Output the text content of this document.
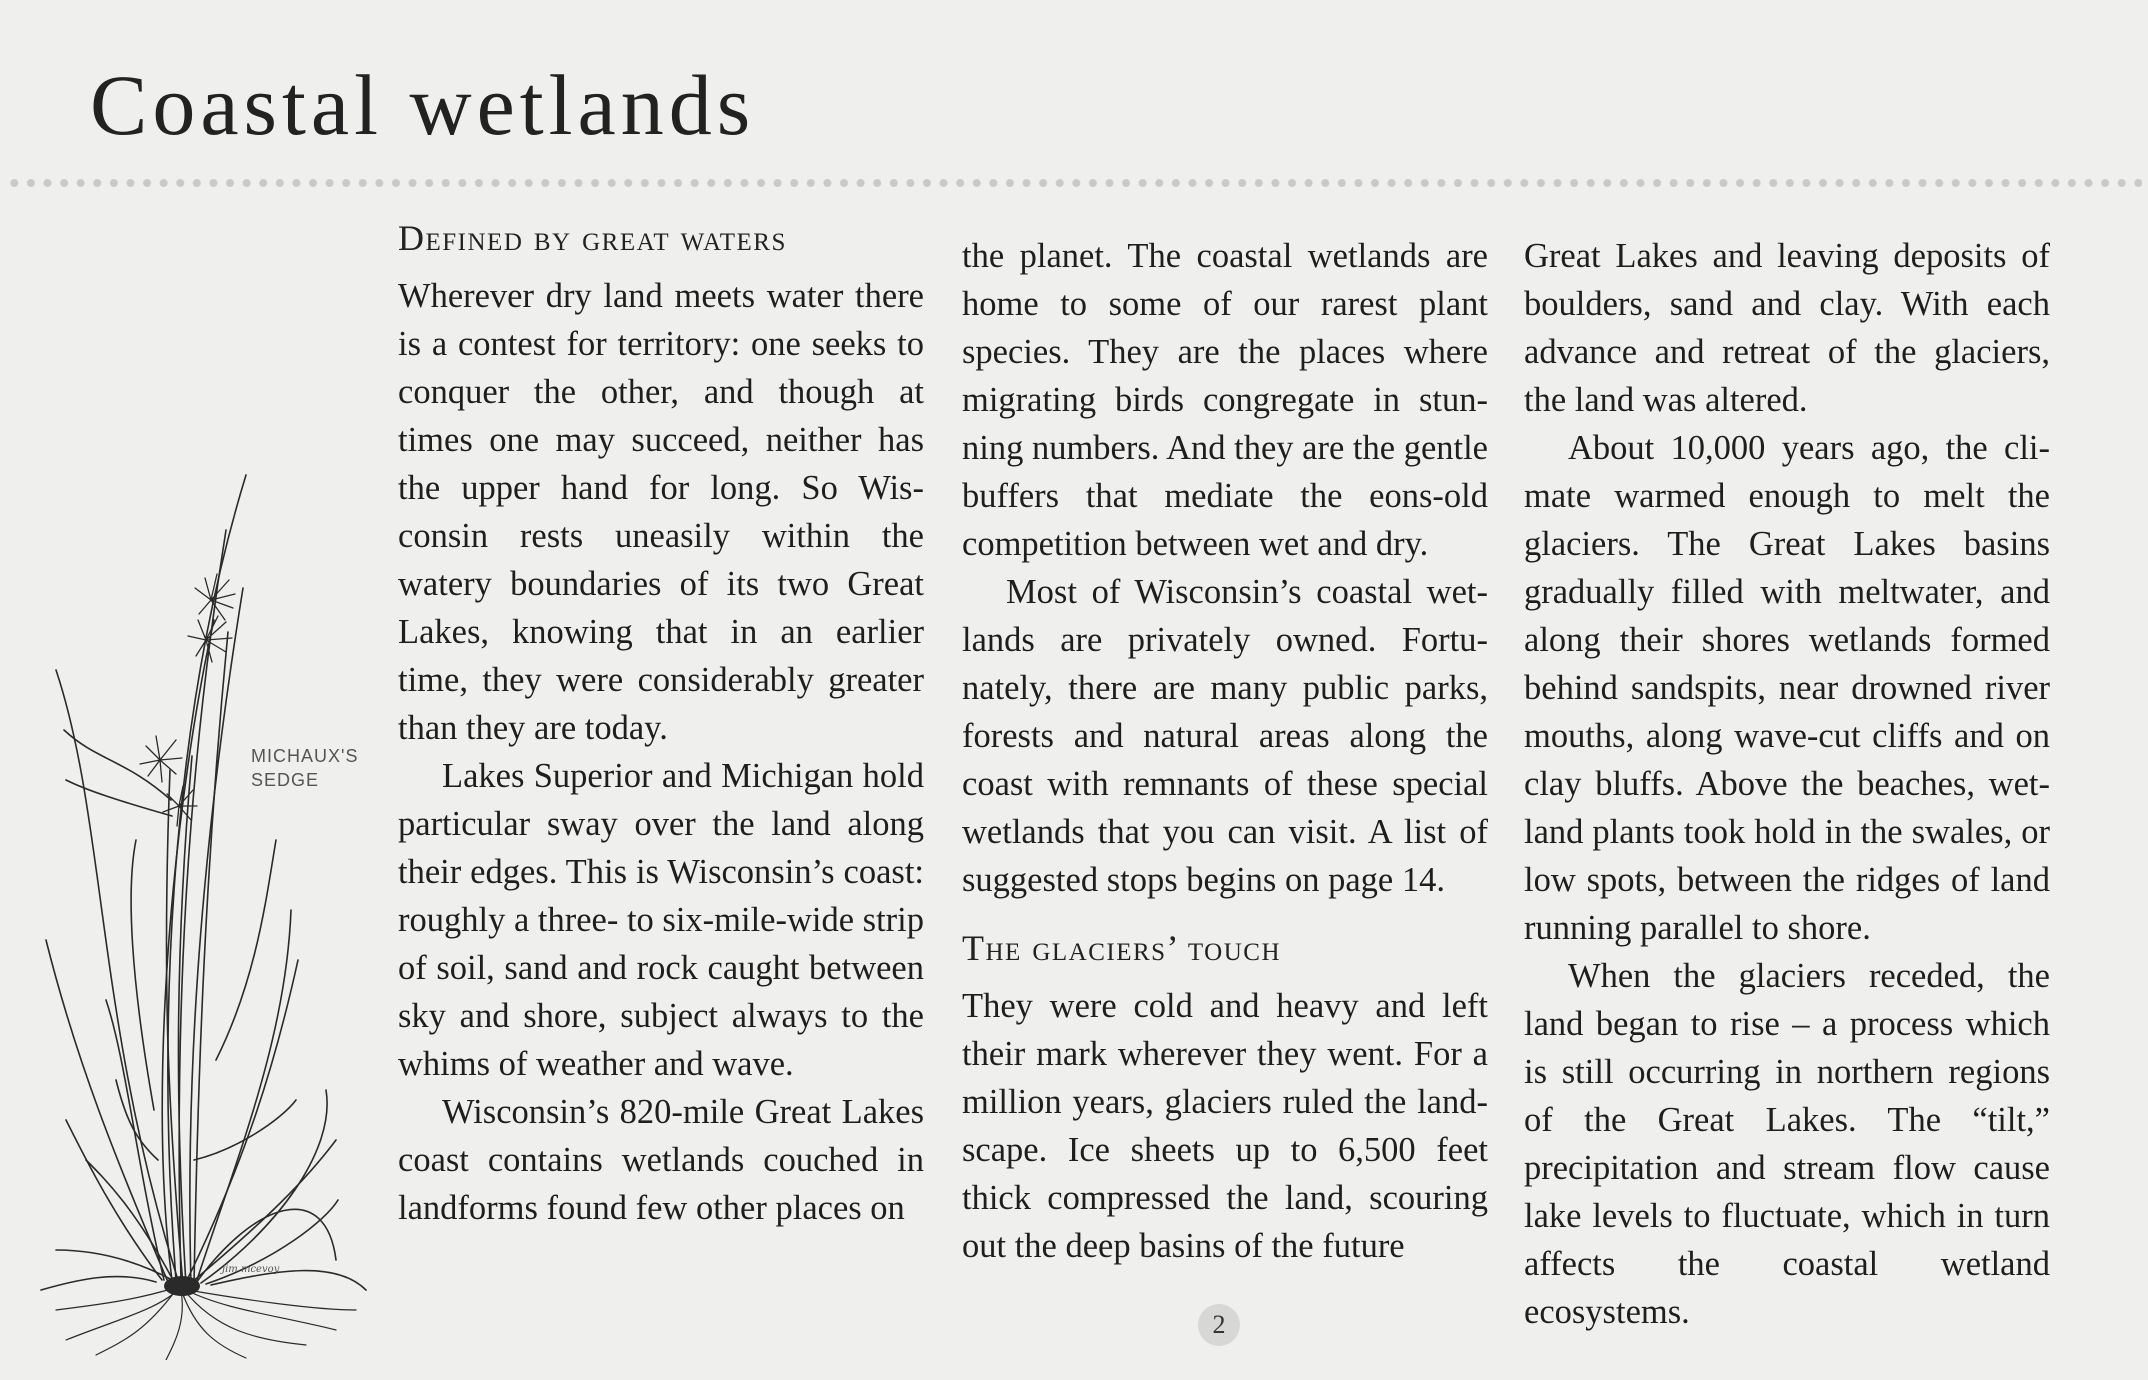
Coastal wetlands
jim mcevoy
MICHAUX'S
SEDGE
Defined by great waters

Wherever dry land meets water there is a contest for territory: one seeks to conquer the other, and though at times one may succeed, neither has the upper hand for long. So Wisconsin rests uneasily within the watery boundaries of its two Great Lakes, knowing that in an earlier time, they were considerably greater than they are today.

Lakes Superior and Michigan hold particular sway over the land along their edges. This is Wisconsin’s coast: roughly a three- to six-mile-wide strip of soil, sand and rock caught between sky and shore, subject always to the whims of weather and wave.

Wisconsin’s 820-mile Great Lakes coast contains wetlands couched in landforms found few other places on

the planet. The coastal wetlands are home to some of our rarest plant species. They are the places where migrating birds congregate in stunning numbers. And they are the gentle buffers that mediate the eons-old competition between wet and dry.

Most of Wisconsin’s coastal wetlands are privately owned. Fortunately, there are many public parks, forests and natural areas along the coast with remnants of these special wetlands that you can visit. A list of suggested stops begins on page 14.

The glaciers’ touch

They were cold and heavy and left their mark wherever they went. For a million years, glaciers ruled the landscape. Ice sheets up to 6,500 feet thick compressed the land, scouring out the deep basins of the future

Great Lakes and leaving deposits of boulders, sand and clay. With each advance and retreat of the glaciers, the land was altered.

About 10,000 years ago, the climate warmed enough to melt the glaciers. The Great Lakes basins gradually filled with meltwater, and along their shores wetlands formed behind sandspits, near drowned river mouths, along wave-cut cliffs and on clay bluffs. Above the beaches, wetland plants took hold in the swales, or low spots, between the ridges of land running parallel to shore.

When the glaciers receded, the land began to rise – a process which is still occurring in northern regions of the Great Lakes. The “tilt,” precipitation and stream flow cause lake levels to fluctuate, which in turn affects the coastal wetland ecosystems.

2
